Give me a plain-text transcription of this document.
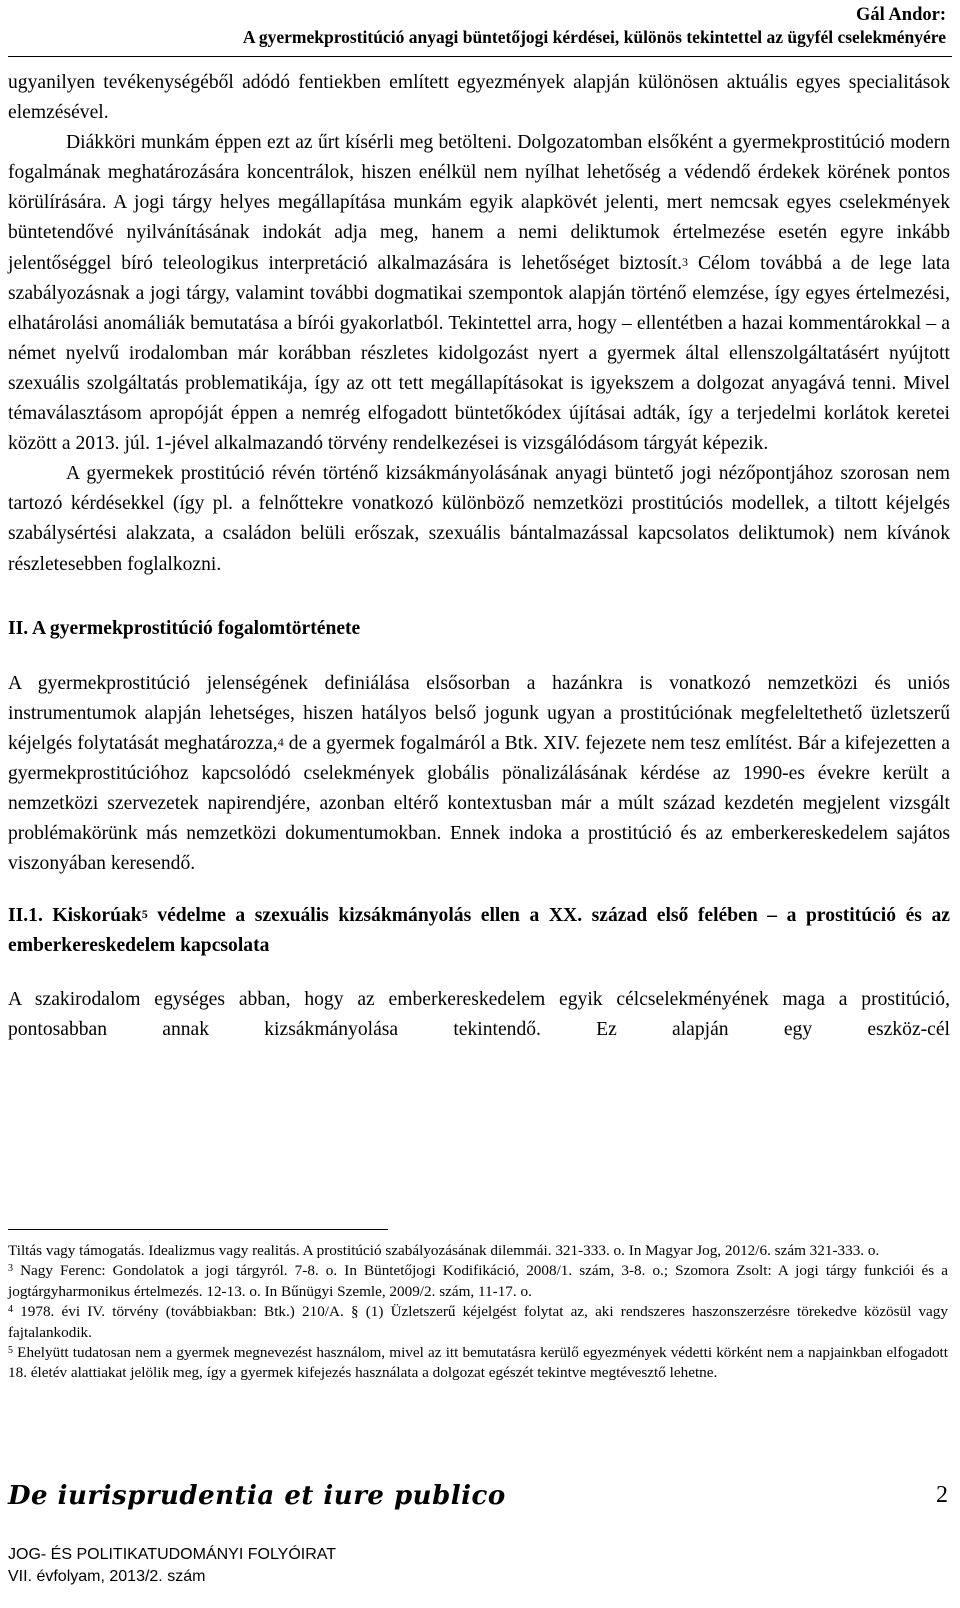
Gál Andor:
A gyermekprostitúció anyagi büntetőjogi kérdései, különös tekintettel az ügyfél cselekményére

ugyanilyen tevékenységéből adódó fentiekben említett egyezmények alapján különösen aktuális egyes specialitások elemzésével.

Diákköri munkám éppen ezt az űrt kísérli meg betölteni. Dolgozatomban elsőként a gyermekprostitúció modern fogalmának meghatározására koncentrálok, hiszen enélkül nem nyílhat lehetőség a védendő érdekek körének pontos körülírására. A jogi tárgy helyes megállapítása munkám egyik alapkövét jelenti, mert nemcsak egyes cselekmények büntetendővé nyilvánításának indokát adja meg, hanem a nemi deliktumok értelmezése esetén egyre inkább jelentőséggel bíró teleologikus interpretáció alkalmazására is lehetőséget biztosít.$^3$ Célom továbbá a de lege lata szabályozásnak a jogi tárgy, valamint további dogmatikai szempontok alapján történő elemzése, így egyes értelmezési, elhatárolási anomáliák bemutatása a bírói gyakorlatból. Tekintettel arra, hogy – ellentétben a hazai kommentárokkal – a német nyelvű irodalomban már korábban részletes kidolgozást nyert a gyermek által ellenszolgáltatásért nyújtott szexuális szolgáltatás problematikája, így az ott tett megállapításokat is igyekszem a dolgozat anyagává tenni. Mivel témaválasztásom apropóját éppen a nemrég elfogadott büntetőkódex újításai adták, így a terjedelmi korlátok keretei között a 2013. júl. 1-jével alkalmazandó törvény rendelkezései is vizsgálódásom tárgyát képezik.

A gyermekek prostitúció révén történő kizsákmányolásának anyagi büntető jogi nézőpontjához szorosan nem tartozó kérdésekkel (így pl. a felnőttekre vonatkozó különböző nemzetközi prostitúciós modellek, a tiltott kéjelgés szabálysértési alakzata, a családon belüli erőszak, szexuális bántalmazással kapcsolatos deliktumok) nem kívánok részletesebben foglalkozni.

II. A gyermekprostitúció fogalomtörténete

A gyermekprostitúció jelenségének definiálása elsősorban a hazánkra is vonatkozó nemzetközi és uniós instrumentumok alapján lehetséges, hiszen hatályos belső jogunk ugyan a prostitúciónak megfeleltethető üzletszerű kéjelgés folytatását meghatározza,$^4$ de a gyermek fogalmáról a Btk. XIV. fejezete nem tesz említést. Bár a kifejezetten a gyermekprostitúcióhoz kapcsolódó cselekmények globális pönalizálásának kérdése az 1990-es évekre került a nemzetközi szervezetek napirendjére, azonban eltérő kontextusban már a múlt század kezdetén megjelent vizsgált problémakörünk más nemzetközi dokumentumokban. Ennek indoka a prostitúció és az emberkereskedelem sajátos viszonyában keresendő.

II.1. Kiskorúak$^5$ védelme a szexuális kizsákmányolás ellen a XX. század első felében – a prostitúció és az emberkereskedelem kapcsolata

A szakirodalom egységes abban, hogy az emberkereskedelem egyik célcselekményének maga a prostitúció, pontosabban annak kizsákmányolása tekintendő. Ez alapján egy eszköz-cél

Tiltás vagy támogatás. Idealizmus vagy realitás. A prostitúció szabályozásának dilemmái. 321-333. o. In Magyar Jog, 2012/6. szám 321-333. o.

$^3$ Nagy Ferenc: Gondolatok a jogi tárgyról. 7-8. o. In Büntetőjogi Kodifikáció, 2008/1. szám, 3-8. o.; Szomora Zsolt: A jogi tárgy funkciói és a jogtárgyharmonikus értelmezés. 12-13. o. In Bűnügyi Szemle, 2009/2. szám, 11-17. o.

$^4$ 1978. évi IV. törvény (továbbiakban: Btk.) 210/A. § (1) Üzletszerű kéjelgést folytat az, aki rendszeres haszonszerzésre törekedve közösül vagy fajtalankodik.

$^5$ Ehelyütt tudatosan nem a gyermek megnevezést használom, mivel az itt bemutatásra kerülő egyezmények védetti körként nem a napjainkban elfogadott 18. életév alattiakat jelölik meg, így a gyermek kifejezés használata a dolgozat egészét tekintve megtévesztő lehetne.

De iurisprudentia et iure publico	2
JOG- ÉS POLITIKATUDOMÁNYI FOLYÓIRAT
VII. évfolyam, 2013/2. szám
